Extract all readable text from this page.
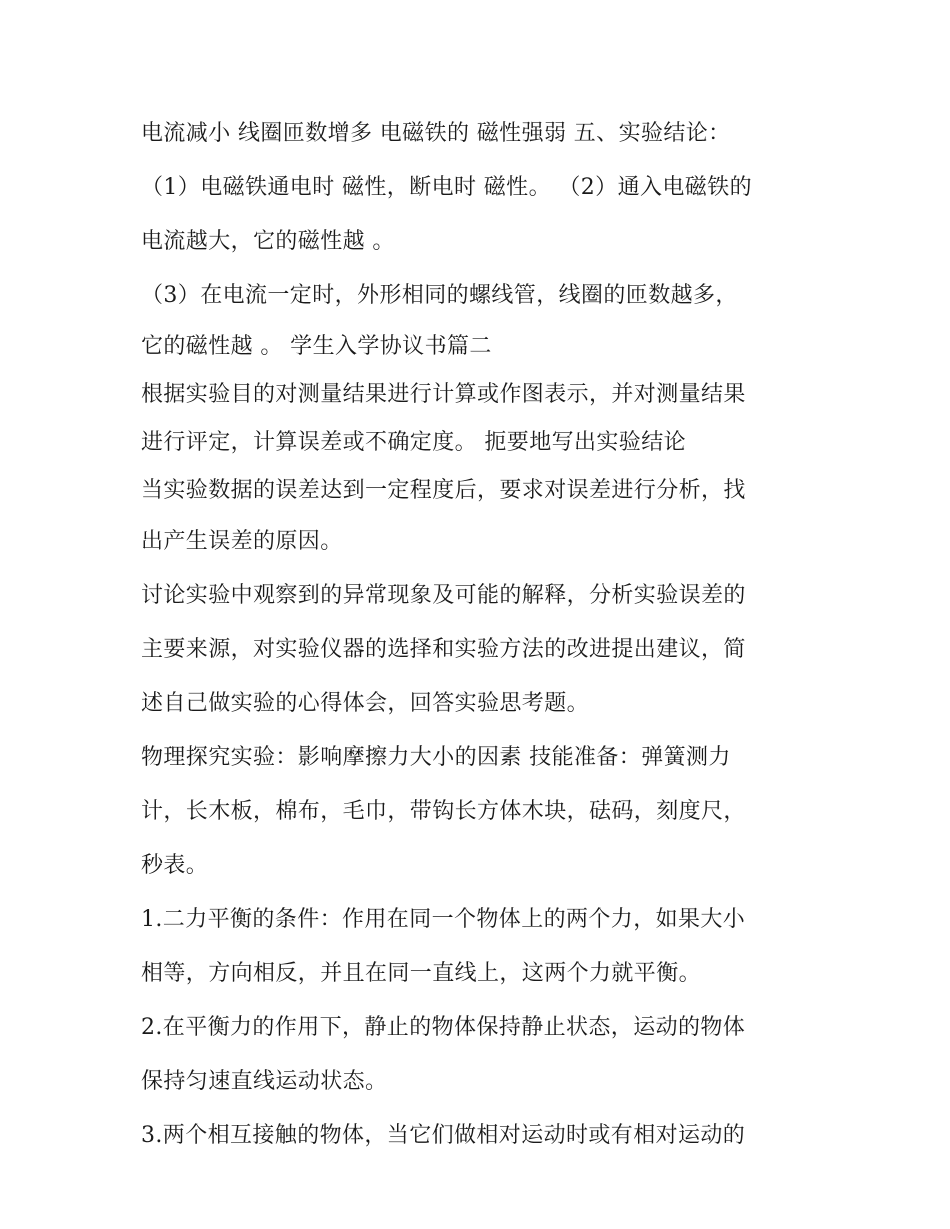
电流减小 线圈匝数增多 电磁铁的 磁性强弱 五、实验结论：
（1）电磁铁通电时 磁性，断电时 磁性。 （2）通入电磁铁的
电流越大，它的磁性越 。
（3）在电流一定时，外形相同的螺线管，线圈的匝数越多，
它的磁性越 。 学生入学协议书篇二
根据实验目的对测量结果进行计算或作图表示，并对测量结果
进行评定，计算误差或不确定度。 扼要地写出实验结论
当实验数据的误差达到一定程度后，要求对误差进行分析，找
出产生误差的原因。
讨论实验中观察到的异常现象及可能的解释，分析实验误差的
主要来源，对实验仪器的选择和实验方法的改进提出建议，简
述自己做实验的心得体会，回答实验思考题。
物理探究实验：影响摩擦力大小的因素 技能准备：弹簧测力
计，长木板，棉布，毛巾，带钩长方体木块，砝码，刻度尺，
秒表。
1.二力平衡的条件：作用在同一个物体上的两个力，如果大小
相等，方向相反，并且在同一直线上，这两个力就平衡。
2.在平衡力的作用下，静止的物体保持静止状态，运动的物体
保持匀速直线运动状态。
3.两个相互接触的物体，当它们做相对运动时或有相对运动的
